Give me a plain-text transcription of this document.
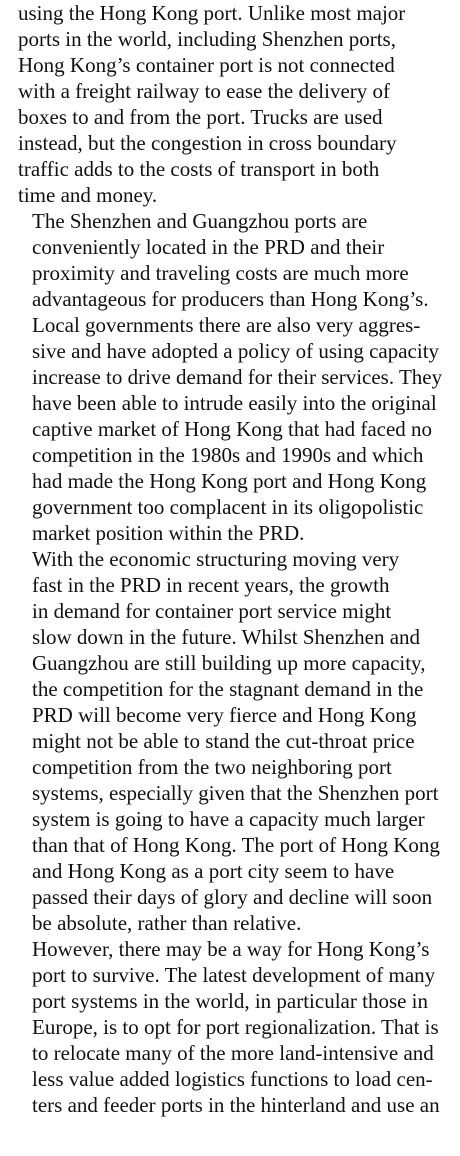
using the Hong Kong port. Unlike most major
ports in the world, including Shenzhen ports,
Hong Kong’s container port is not connected
with a freight railway to ease the delivery of
boxes to and from the port. Trucks are used
instead, but the congestion in cross boundary
traffic adds to the costs of transport in both
time and money.

The Shenzhen and Guangzhou ports are
conveniently located in the PRD and their
proximity and traveling costs are much more
advantageous for producers than Hong Kong’s.
Local governments there are also very aggres-
sive and have adopted a policy of using capacity
increase to drive demand for their services. They
have been able to intrude easily into the original
captive market of Hong Kong that had faced no
competition in the 1980s and 1990s and which
had made the Hong Kong port and Hong Kong
government too complacent in its oligopolistic
market position within the PRD.

With the economic structuring moving very
fast in the PRD in recent years, the growth
in demand for container port service might
slow down in the future. Whilst Shenzhen and
Guangzhou are still building up more capacity,
the competition for the stagnant demand in the
PRD will become very fierce and Hong Kong
might not be able to stand the cut-throat price
competition from the two neighboring port
systems, especially given that the Shenzhen port
system is going to have a capacity much larger
than that of Hong Kong. The port of Hong Kong
and Hong Kong as a port city seem to have
passed their days of glory and decline will soon
be absolute, rather than relative.

However, there may be a way for Hong Kong’s
port to survive. The latest development of many
port systems in the world, in particular those in
Europe, is to opt for port regionalization. That is
to relocate many of the more land-intensive and
less value added logistics functions to load cen-
ters and feeder ports in the hinterland and use an
